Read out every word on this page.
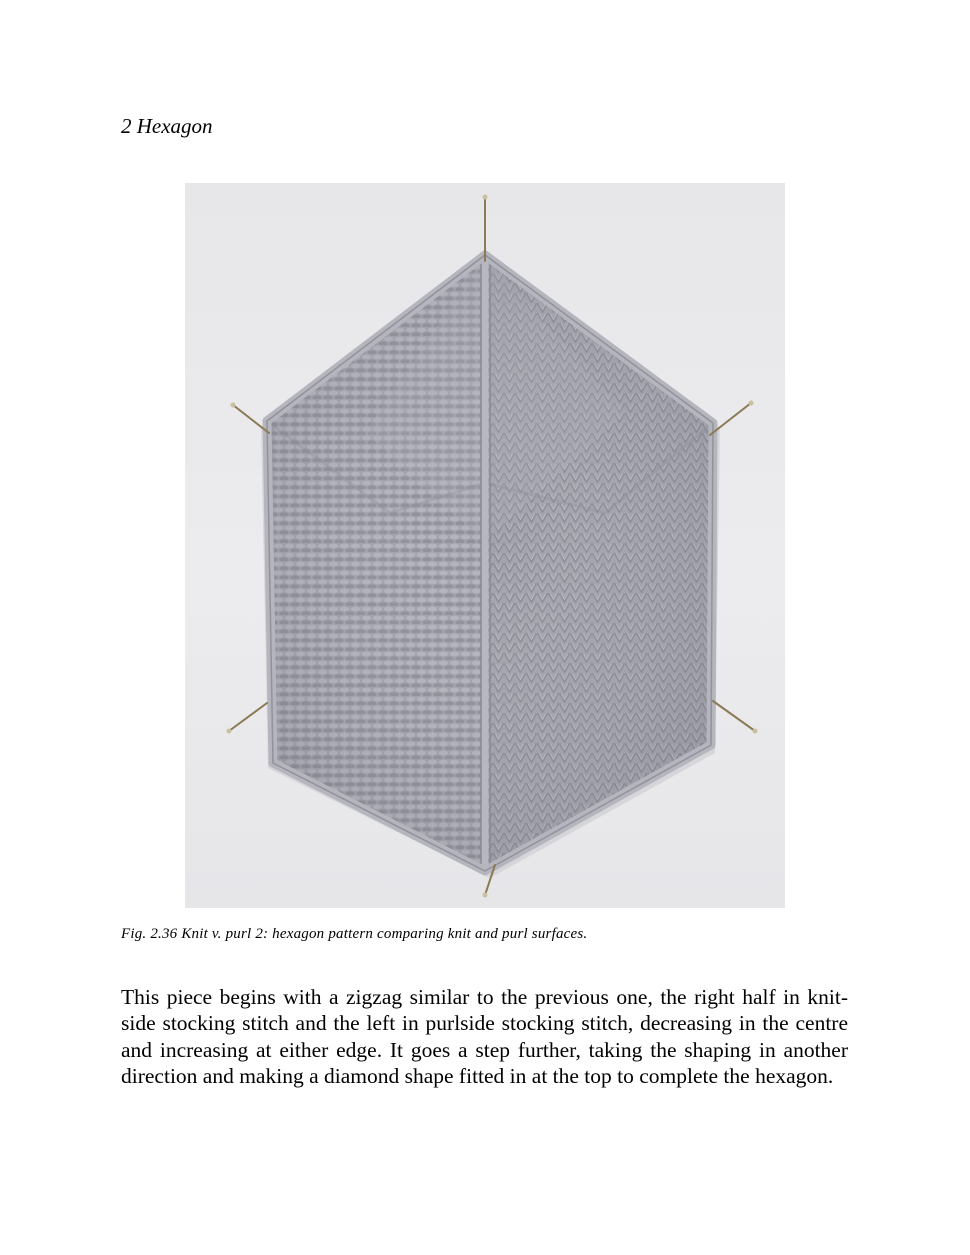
2 Hexagon

Fig. 2.36 Knit v. purl 2: hexagon pattern comparing knit and purl surfaces.

This piece begins with a zigzag similar to the previous one, the right half in knit-side stocking stitch and the left in purlside stocking stitch, decreasing in the centre and increasing at either edge. It goes a step further, taking the shaping in another direction and making a diamond shape fitted in at the top to complete the hexagon.
